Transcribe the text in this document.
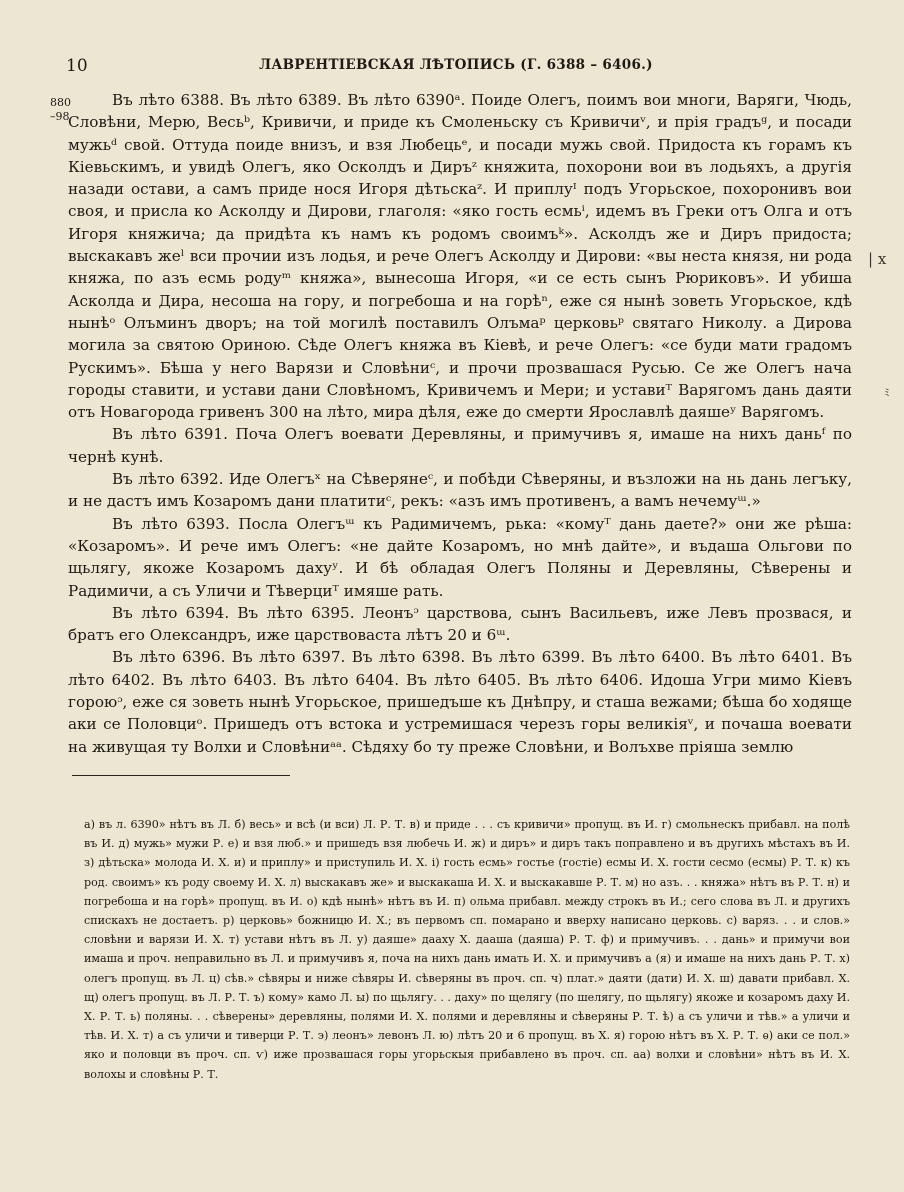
10	ЛАВРЕНТІЕВСКАЯ ЛѢТОПИСЬ (Г. 6388 – 6406.)
880
–98
| х
ﾐ

Въ лѣто 6388. Въ лѣто 6389. Въ лѣто 6390ᵃ. Поиде Олегъ, поимъ вои многи, Варяги, Чюдь, Словѣни, Мерю, Весьᵇ, Кривичи, и приде къ Смоленьску съ Кривичиᵛ, и прія градъᵍ, и посади мужьᵈ свой. Оттуда поиде внизъ, и взя Любецьᵉ, и посади мужь свой. Придоста къ горамъ къ Кіевьскимъ, и увидѣ Олегъ, яко Осколдъ и Диръᶻ княжита, похорони вои въ лодьяхъ, а другія назади остави, а самъ приде нося Игоря дѣтьскаᶻ. И приплуᴵ подъ Угорьское, похоронивъ вои своя, и присла ко Асколду и Дирови, глаголя: «яко гость есмьⁱ, идемъ въ Греки отъ Олга и отъ Игоря княжича; да придѣта къ намъ къ родомъ своимъᵏ». Асколдъ же и Диръ придоста; выскакавъ жеˡ вси прочии изъ лодья, и рече Олегъ Асколду и Дирови: «вы неста князя, ни рода княжа, по азъ есмь родуᵐ княжа», вынесоша Игоря, «и се есть сынъ Рюриковъ». И убиша Асколда и Дира, несоша на гору, и погребоша и на горѣⁿ, еже ся нынѣ зоветь Угорьское, кдѣ нынѣᵒ Олъминъ дворъ; на той могилѣ поставилъ Олъмаᵖ церковьᵖ святаго Николу. а Дирова могила за святою Ориною. Сѣде Олегъ княжа въ Кіевѣ, и рече Олегъ: «се буди мати градомъ Рускимъ». Бѣша у него Варязи и Словѣниᶜ, и прочи прозвашася Русью. Се же Олегъ нача городы ставити, и устави дани Словѣномъ, Кривичемъ и Мери; и уставиᵀ Варягомъ дань даяти отъ Новагорода гривенъ 300 на лѣто, мира дѣля, еже до смерти Ярославлѣ даяшеʸ Варягомъ.

Въ лѣто 6391. Поча Олегъ воевати Деревляны, и примучивъ я, имаше на нихъ даньᶠ по чернѣ кунѣ.

Въ лѣто 6392. Иде Олегъˣ на Сѣверянеᶜ, и побѣди Сѣверяны, и възложи на нь дань легъку, и не дастъ имъ Козаромъ дани платитиᶜ, рекъ: «азъ имъ противенъ, а вамъ нечемуᵚ.»

Въ лѣто 6393. Посла Олегъᵚ къ Радимичемъ, рька: «комуᵀ дань даете?» они же рѣша: «Козаромъ». И рече имъ Олегъ: «не дайте Козаромъ, но мнѣ дайте», и въдаша Ольгови по щьлягу, якоже Козаромъ дахуʸ. И бѣ обладая Олегъ Поляны и Деревляны, Сѣверены и Радимичи, а съ Уличи и Тѣверциᵀ имяше рать.

Въ лѣто 6394. Въ лѣто 6395. Леонъᵓ царствова, сынъ Васильевъ, иже Левъ прозвася, и братъ его Олександръ, иже царствоваста лѣтъ 20 и 6ᵚ.

Въ лѣто 6396. Въ лѣто 6397. Въ лѣто 6398. Въ лѣто 6399. Въ лѣто 6400. Въ лѣто 6401. Въ лѣто 6402. Въ лѣто 6403. Въ лѣто 6404. Въ лѣто 6405. Въ лѣто 6406. Идоша Угри мимо Кіевъ гороюᵓ, еже ся зоветь нынѣ Угорьское, пришедъше къ Днѣпру, и сташа вежами; бѣша бо ходяще аки се Половциᵒ. Пришедъ отъ встока и устремишася черезъ горы великіяᵛ, и почаша воевати на живущая ту Волхи и Словѣниᵃᵃ. Сѣдяху бо ту преже Словѣни, и Волъхве пріяша землю

а) въ л. 6390» нѣтъ въ Л. б) весь» и всѣ (и вси) Л. Р. Т. в) и приде . . . съ кривичи» пропущ. въ И. г) смольнескъ прибавл. на полѣ въ И. д) мужь» мужи Р. е) и взя люб.» и пришедъ взя любечь И. ж) и диръ» и диръ такъ поправлено и въ другихъ мѣстахъ въ И. з) дѣтьска» молода И. Х. и) и приплу» и приступиль И. Х. і) гость есмь» гостье (гостіе) есмы И. Х. гости сесмо (есмы) Р. Т. к) къ род. своимъ» къ роду своему И. Х. л) выскакавъ же» и выскакаша И. Х. и выскакавше Р. Т. м) но азъ. . . княжа» нѣтъ въ Р. Т. н) и погребоша и на горѣ» пропущ. въ И. о) кдѣ нынѣ» нѣтъ въ И. п) ольма прибавл. между строкъ въ И.; сего слова въ Л. и другихъ спискахъ не достаетъ. р) церковь» божницю И. Х.; въ первомъ сп. помарано и вверху написано церковь. с) варяз. . . и слов.» словѣни и варязи И. Х. т) устави нѣтъ въ Л. у) даяше» дааху Х. дааша (даяша) Р. Т. ф) и примучивъ. . . дань» и примучи вои имаша и проч. неправильно въ Л. и примучивъ я, поча на нихъ дань имать И. Х. и примучивъ а (я) и имаше на нихъ дань Р. Т. х) олегъ пропущ. въ Л. ц) сѣв.» сѣвяры и ниже сѣвяры И. сѣверяны въ проч. сп. ч) плат.» даяти (дати) И. Х. ш) давати прибавл. Х. щ) олегъ пропущ. въ Л. Р. Т. ъ) кому» камо Л. ы) по щьлягу. . . даху» по щелягу (по шелягу, по щьлягу) якоже и козаромъ даху И. Х. Р. Т. ь) поляны. . . сѣверены» деревляны, полями И. Х. полями и деревляны и сѣверяны Р. Т. ѣ) а съ уличи и тѣв.» а уличи и тѣв. И. Х. т) а съ уличи и тиверци Р. Т. э) леонъ» левонъ Л. ю) лѣтъ 20 и 6 пропущ. въ Х. я) горою нѣтъ въ Х. Р. Т. ѳ) аки се пол.» яко и половци въ проч. сп. ѵ) иже прозвашася горы угорьскыя прибавлено въ проч. сп. аа) волхи и словѣни» нѣтъ въ И. Х. волохы и словѣны Р. Т.
